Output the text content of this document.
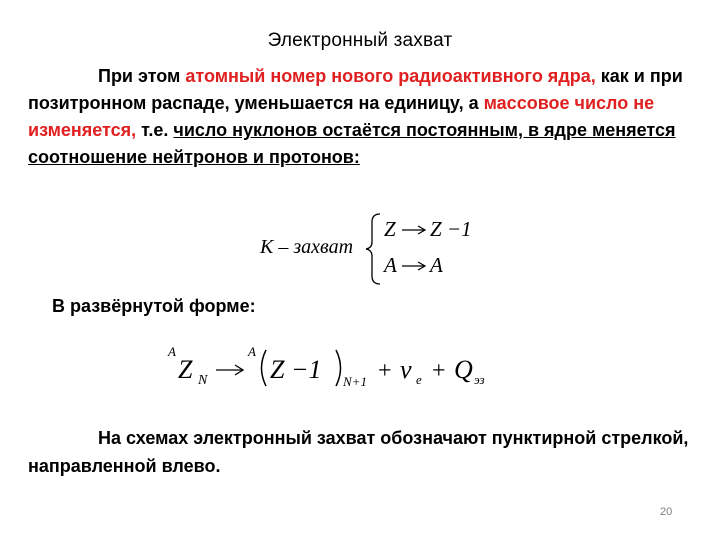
Электронный захват
При этом атомный номер нового радиоактивного ядра, как и при позитронном распаде, уменьшается на единицу, а массовое число не изменяется, т.е. число нуклонов остаётся постоянным, в ядре меняется соотношение нейтронов и протонов:
K – захват
Z Z −1
A A
В развёрнутой форме:
A
Z N
A
Z −1 N+1 + ν e + Q эз
На схемах электронный захват обозначают пунктирной стрелкой, направленной влево.
20
